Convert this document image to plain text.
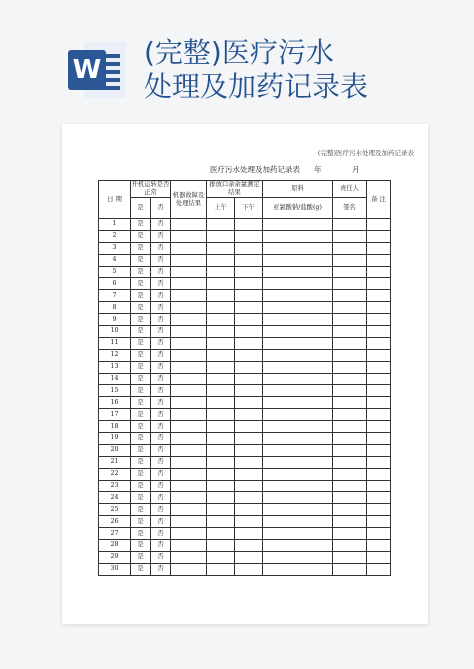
W
(完整)医疗污水
处理及加药记录表
(完整)医疗污水处理及加药记录表
医疗污水处理及加药记录表 年	月
日 期	开机运转是否正常		机器故障及处理结果	排放口余余氯测定结果		原料	责任人	备 注
	是	否		上午	下午	亚氯酸钠/盐酸(g)	签名	
1	是	否						
2	是	否						
3	是	否						
4	是	否						
5	是	否						
6	是	否						
7	是	否						
8	是	否						
9	是	否						
10	是	否						
11	是	否						
12	是	否						
13	是	否						
14	是	否						
15	是	否						
16	是	否						
17	是	否						
18	是	否						
19	是	否						
20	是	否						
21	是	否						
22	是	否						
23	是	否						
24	是	否						
25	是	否						
26	是	否						
27	是	否						
28	是	否						
29	是	否						
30	是	否						
